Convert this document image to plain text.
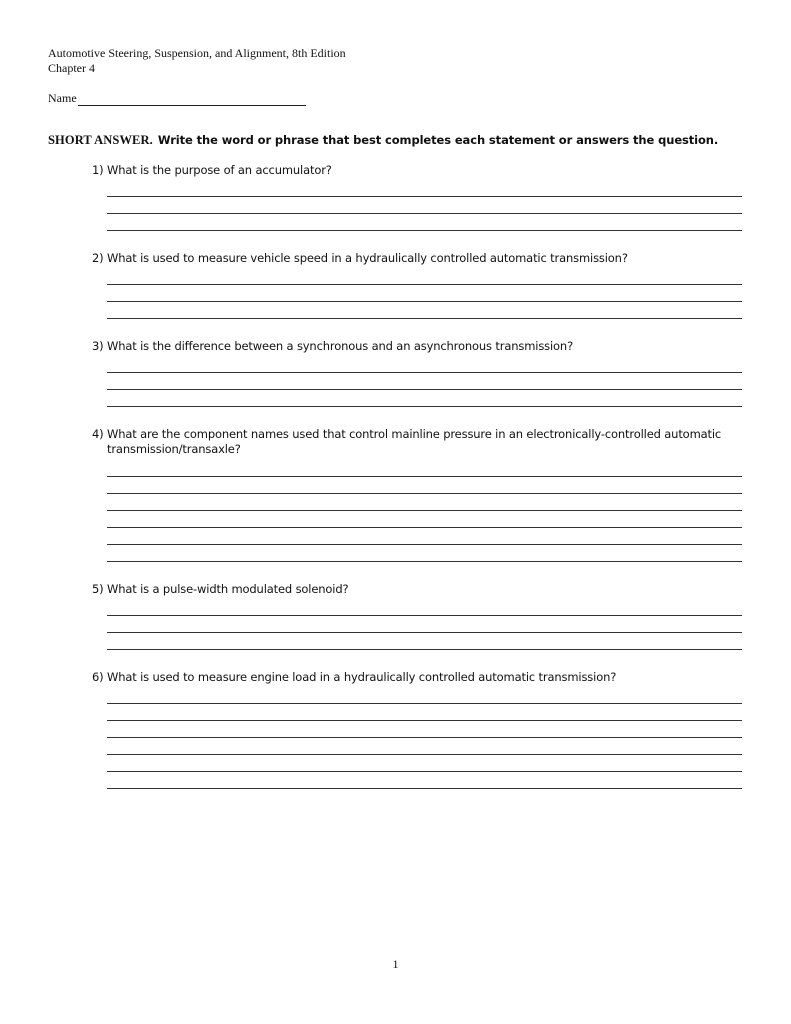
Automotive Steering, Suspension, and Alignment, 8th Edition
Chapter 4
Name
SHORT ANSWER. Write the word or phrase that best completes each statement or answers the question.
1) What is the purpose of an accumulator?
2) What is used to measure vehicle speed in a hydraulically controlled automatic transmission?
3) What is the difference between a synchronous and an asynchronous transmission?
4) What are the component names used that control mainline pressure in an electronically-controlled automatic transmission/transaxle?
5) What is a pulse-width modulated solenoid?
6) What is used to measure engine load in a hydraulically controlled automatic transmission?
1
